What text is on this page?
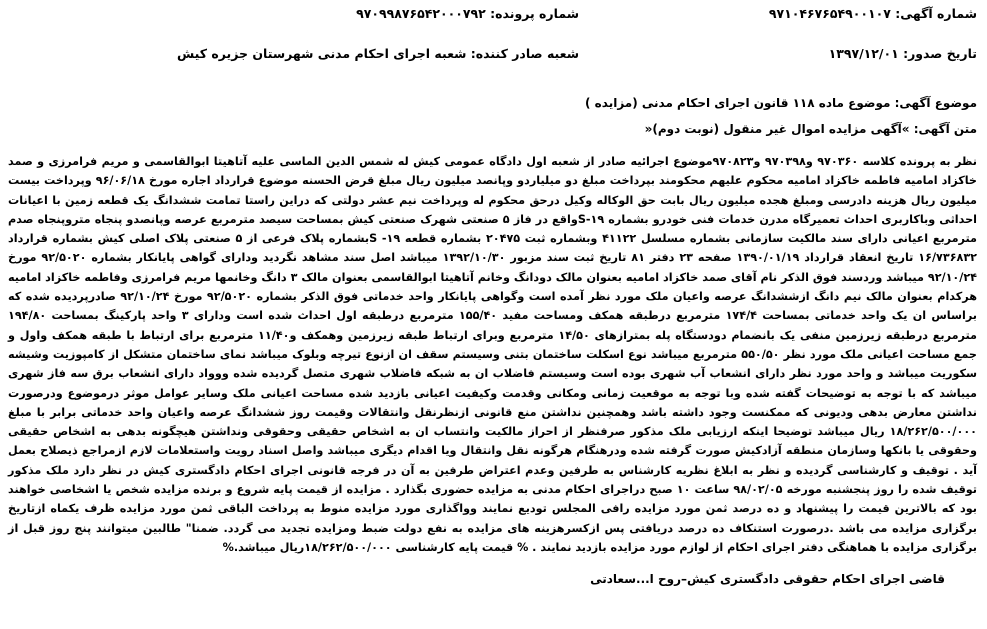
شماره آگهی: ۹۷۱۰۴۶۷۶۵۴۹۰۰۱۰۷
شماره پرونده: ۹۷۰۹۹۸۷۶۵۴۲۰۰۰۷۹۲
تاریخ صدور: ۱۳۹۷/۱۲/۰۱
شعبه صادر کننده: شعبه اجرای احکام مدنی شهرستان جزیره کیش
موضوع آگهی: موضوع ماده ۱۱۸ قانون اجرای احکام مدنی (مزایده )
متن آگهی: »آگهی مزایده اموال غیر منقول (نوبت دوم)«

نظر به پرونده کلاسه ۹۷۰۳۶۰ و۹۷۰۳۹۸ و۹۷۰۸۲۳موضوع اجرائیه صادر از شعبه اول دادگاه عمومی کیش له شمس الدین الماسی علیه آتاهیتا ابوالقاسمی و مریم فرامرزی و صمد خاکزاد امامیه فاطمه خاکزاد امامیه محکوم علیهم محکومند بپرداخت مبلغ دو میلیاردو وپانصد میلیون ریال مبلغ قرض الحسنه موضوع قرارداد اجاره مورخ ۹۶/۰۶/۱۸ وپرداخت بیست میلیون ریال هزینه دادرسی ومبلغ هجده میلیون ریال بابت حق الوکاله وکیل درحق محکوم له وپرداخت نیم عشر دولتی که دراین راستا تمامت ششدانگ یک قطعه زمین با اعیانات احداثی وباکاربری احداث تعمیرگاه مدرن خدمات فنی خودرو بشماره ۱۹-Sواقع در فاز ۵ صنعتی شهرک صنعتی کیش بمساحت سیصد مترمربع عرصه وپانصدو پنجاه متروپنجاه صدم مترمربع اعیانی دارای سند مالکیت سازمانی بشماره مسلسل ۴۱۱۲۲ وبشماره ثبت ۲۰۴۷۵ بشماره قطعه ۱۹- Sبشماره پلاک فرعی از ۵ صنعتی پلاک اصلی کیش بشماره قرارداد ۱۶/۷۳۶۸۳۲ تاریخ انعقاد قرارداد ۱۳۹۰/۰۱/۱۹ صفحه ۲۳ دفتر ۸۱ تاریخ ثبت سند مزبور ۱۳۹۲/۱۰/۳۰ میباشد اصل سند مشاهد نگردید ودارای گواهی پایانکار بشماره ۹۲/۵۰۲۰ مورخ ۹۲/۱۰/۲۴ میباشد وردسند فوق الذکر نام آقای صمد خاکزاد امامیه بعنوان مالک دودانگ وخانم آتاهیتا ابوالقاسمی بعنوان مالک ۳ دانگ وخانمها مریم فرامرزی وفاطمه خاکزاد امامیه هرکدام بعنوان مالک نیم دانگ ازششدانگ عرصه واعیان ملک مورد نظر آمده است وگواهی پایانکار واحد خدماتی فوق الذکر بشماره ۹۲/۵۰۲۰ مورخ ۹۲/۱۰/۲۴ صادرپردیده شده که براساس ان یک واحد خدماتی بمساحت ۱۷۴/۴ مترمربع درطبقه همکف ومساحت مفید ۱۵۵/۴۰ مترمربع درطبقه اول احداث شده است ودارای ۳ واحد پارکینگ بمساحت ۱۹۴/۸۰ مترمربع درطبقه زیرزمین منفی یک بانضمام دودستگاه پله بمترازهای ۱۴/۵۰ مترمربع وبرای ارتباط طبقه زیرزمین وهمکف و۱۱/۴۰ مترمربع برای ارتباط با طبقه همکف واول و جمع مساحت اعیانی ملک مورد نظر ۵۵۰/۵۰ مترمربع میباشد نوع اسکلت ساختمان بتنی وسیستم سقف ان ازنوع تیرچه وبلوک میباشد نمای ساختمان متشکل از کامپوزیت وشیشه سکوریت میباشد و واحد مورد نظر دارای انشعاب آب شهری بوده است وسیستم فاضلاب ان به شبکه فاضلاب شهری متصل گردیده شده ووواد دارای انشعاب برق سه فاز شهری میباشد که با توجه به توضیحات گفته شده وبا توجه به موقعیت زمانی ومکانی وقدمت وکیفیت اعیانی بازدید شده مساحت اعیانی ملک وسایر عوامل موثر درموضوع ودرصورت نداشتن معارض بدهی ودیونی که ممکنست وجود داشته باشد وهمچنین نداشتن منع قانونی ازنظرنقل وانتقالات وقیمت روز ششدانگ عرصه واعیان واحد خدماتی برابر با مبلغ ۱۸/۲۶۲/۵۰۰/۰۰۰ ریال میباشد توضیحا اینکه ارزیابی ملک مذکور صرفنظر از احراز مالکیت وانتساب ان به اشخاص حقیقی وحقوقی ونداشتن هیچگونه بدهی به اشخاص حقیقی وحقوقی یا بانکها وسازمان منطقه آزادکیش صورت گرفته شده ودرهنگام هرگونه نقل وانتقال ویا اقدام دیگری میباشد واصل اسناد رویت واستعلامات لازم ازمراجع ذیصلاح بعمل آید . توقیف و کارشناسی گردیده و نظر به ابلاغ نظریه کارشناس به طرفین وعدم اعتراض طرفین به آن در فرجه قانونی اجرای احکام دادگستری کیش در نظر دارد ملک مذکور توقیف شده را روز پنجشنبه مورخه ۹۸/۰۲/۰۵ ساعت ۱۰ صبح دراجرای احکام مدنی به مزایده حضوری بگذارد . مزایده از قیمت پایه شروع و برنده مزایده شخص یا اشخاصی خواهند بود که بالاترین قیمت را پیشنهاد و ده درصد ثمن مورد مزایده رافی المجلس تودیع نمایند وواگذاری مورد مزایده منوط به پرداخت الباقی ثمن مورد مزایده ظرف یکماه ازتاریخ برگزاری مزایده می باشد .درصورت استنکاف ده درصد دریافتی پس ازکسرهزینه های مزایده به نفع دولت ضبط ومزایده تجدید می گردد. ضمنا" طالبین میتوانند پنج روز قبل از برگزاری مزایده با هماهنگی دفتر اجرای احکام از لوازم مورد مزایده بازدید نمایند . % قیمت پایه کارشناسی ۱۸/۲۶۲/۵۰۰/۰۰۰ریال میباشد.%

قاضی اجرای احکام حقوقی دادگستری کیش–روح ا...سعادتی
